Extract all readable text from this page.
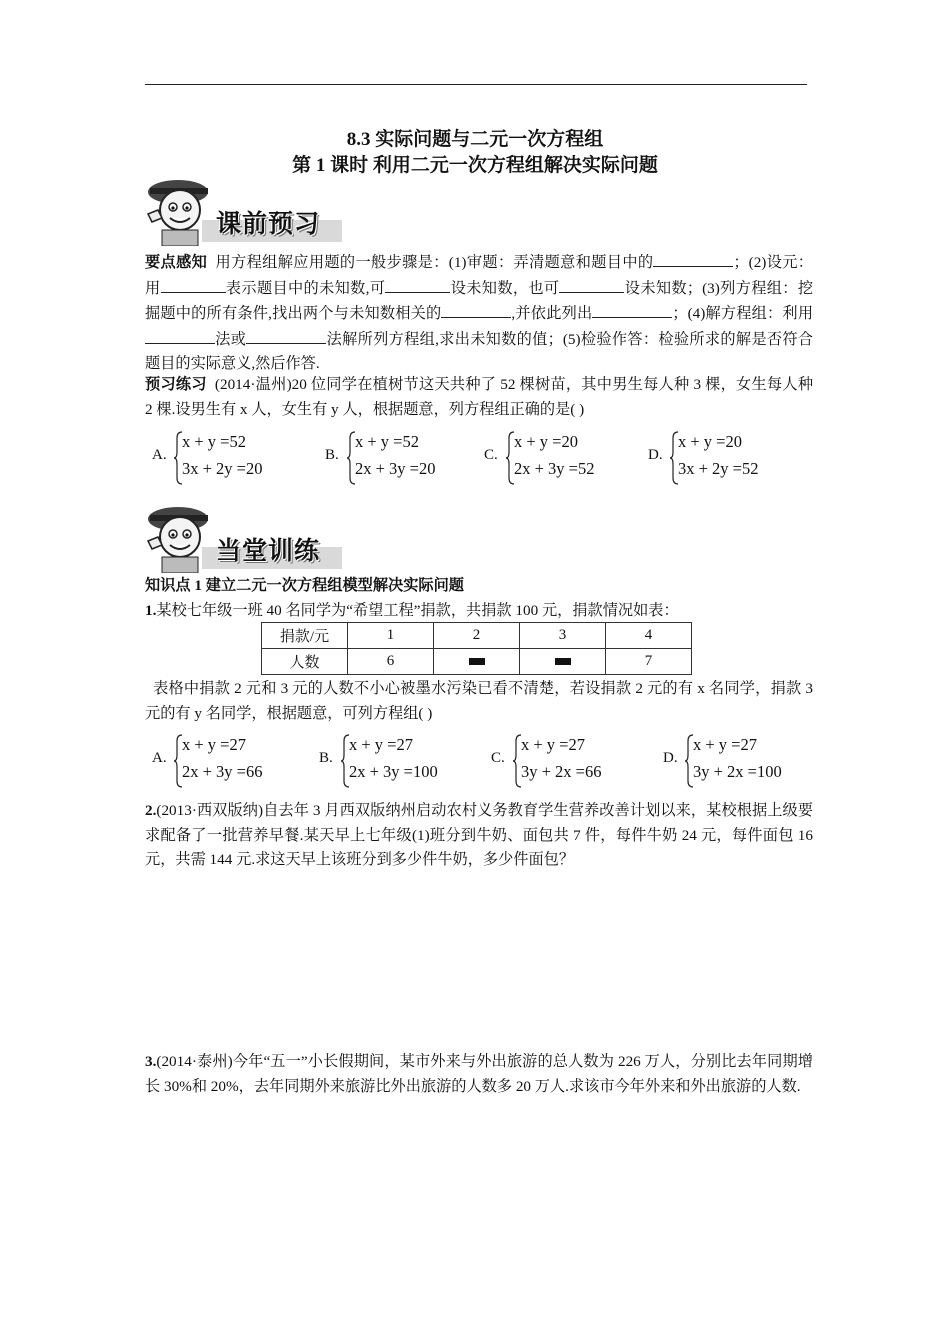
8.3 实际问题与二元一次方程组
第 1 课时 利用二元一次方程组解决实际问题
课前预习
要点感知 用方程组解应用题的一般步骤是：(1)审题：弄清题意和题目中的	；(2)设元：用	表示题目中的未知数,可	设未知数，也可	设未知数；(3)列方程组：挖掘题中的所有条件,找出两个与未知数相关的	,并依此列出	；(4)解方程组：利用法或	法解所列方程组,求出未知数的值；(5)检验作答：检验所求的解是否符合题目的实际意义,然后作答.
预习练习 (2014·温州)20 位同学在植树节这天共种了 52 棵树苗，其中男生每人种 3 棵，女生每人种 2 棵.设男生有 x 人，女生有 y 人，根据题意，列方程组正确的是( )
A.
x + y =52
3x + 2y =20
B.
x + y =52
2x + 3y =20
C.
x + y =20
2x + 3y =52
D.
x + y =20
3x + 2y =52
当堂训练
知识点 1 建立二元一次方程组模型解决实际问题
1.某校七年级一班 40 名同学为“希望工程”捐款，共捐款 100 元，捐款情况如表：
捐款/元	1	2	3	4
人数	6			7
表格中捐款 2 元和 3 元的人数不小心被墨水污染已看不清楚，若设捐款 2 元的有 x 名同学，捐款 3 元的有 y 名同学，根据题意，可列方程组( )
A.
x + y =27
2x + 3y =66
B.
x + y =27
2x + 3y =100
C.
x + y =27
3y + 2x =66
D.
x + y =27
3y + 2x =100
2.(2013·西双版纳)自去年 3 月西双版纳州启动农村义务教育学生营养改善计划以来，某校根据上级要求配备了一批营养早餐.某天早上七年级(1)班分到牛奶、面包共 7 件，每件牛奶 24 元，每件面包 16 元，共需 144 元.求这天早上该班分到多少件牛奶，多少件面包？
3.(2014·泰州)今年“五一”小长假期间，某市外来与外出旅游的总人数为 226 万人，分别比去年同期增长 30%和 20%，去年同期外来旅游比外出旅游的人数多 20 万人.求该市今年外来和外出旅游的人数.
